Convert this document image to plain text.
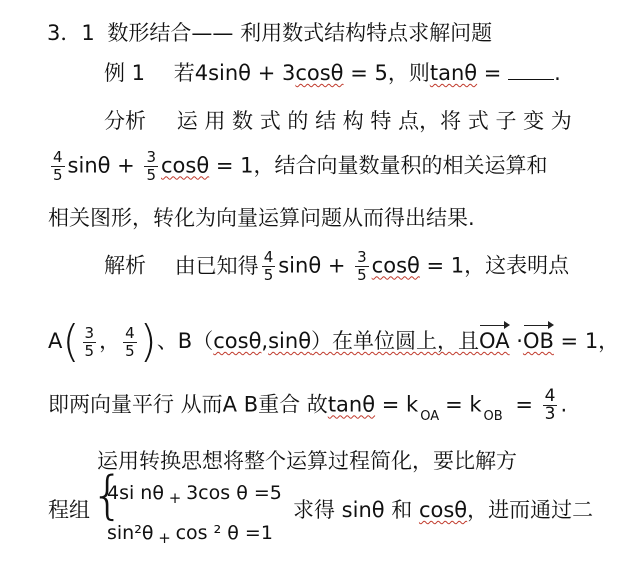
3．1 数形结合—— 利用数式结构特点求解问题
例 1 若4sinθ + 3cosθ = 5，则tanθ = .
分析 运 用 数 式 的 结 构 特 点，将 式 子 变 为
$\frac{4}{5}$ $\sin\theta + \frac{3}{5}$ cosθ = 1，结合向量数量积的相关运算和
相关图形，转化为向量运算问题从而得出结果.
解析 由已知得 $\frac{4}{5}$ $\sin\theta + \frac{3}{5}$ cosθ = 1，这表明点
$A( \frac{3}{5}$ ， $\frac{4}{5}$ )、B（cosθ,sinθ）在单位圆上，且OA ·OB = 1，
即两向量平行 从而A B重合 故tanθ = k $_{OA}$ = k $_{OB} = \frac{4}{3}$ .
运用转换思想将整个运算过程简化，要比解方
程组 {
4si nθ $_+$ 3cos θ =5
sin²θ $_+$ cos ² θ =1
求得 sinθ 和 cosθ，进而通过二
